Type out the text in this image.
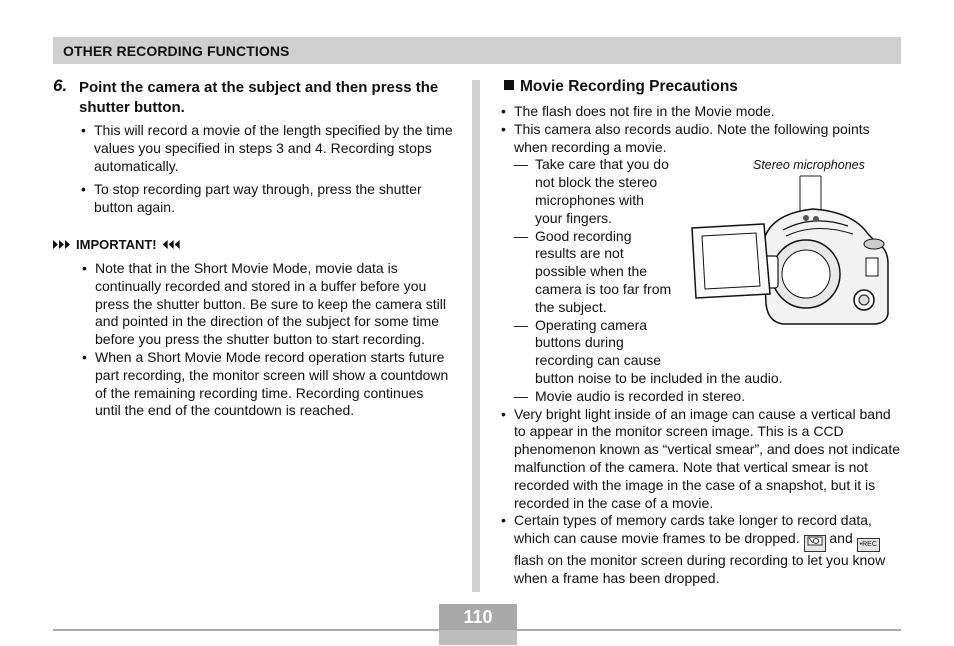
OTHER RECORDING FUNCTIONS
6. Point the camera at the subject and then press the shutter button.
• This will record a movie of the length specified by the time values you specified in steps 3 and 4. Recording stops automatically.
• To stop recording part way through, press the shutter button again.
IMPORTANT!
• Note that in the Short Movie Mode, movie data is continually recorded and stored in a buffer before you press the shutter button. Be sure to keep the camera still and pointed in the direction of the subject for some time before you press the shutter button to start recording.
• When a Short Movie Mode record operation starts future part recording, the monitor screen will show a countdown of the remaining recording time. Recording continues until the end of the countdown is reached.
Movie Recording Precautions
• The flash does not fire in the Movie mode.
• This camera also records audio. Note the following points when recording a movie.
— Take care that you do not block the stereo microphones with your fingers.
— Good recording results are not possible when the camera is too far from the subject.
— Operating camera buttons during recording can cause
button noise to be included in the audio.
— Movie audio is recorded in stereo.
• Very bright light inside of an image can cause a vertical band to appear in the monitor screen image. This is a CCD phenomenon known as “vertical smear”, and does not indicate malfunction of the camera. Note that vertical smear is not recorded with the image in the case of a snapshot, but it is recorded in the case of a movie.
• Certain types of memory cards take longer to record data, which can cause movie frames to be dropped. and •REC flash on the monitor screen during recording to let you know when a frame has been dropped.
Stereo microphones
110
